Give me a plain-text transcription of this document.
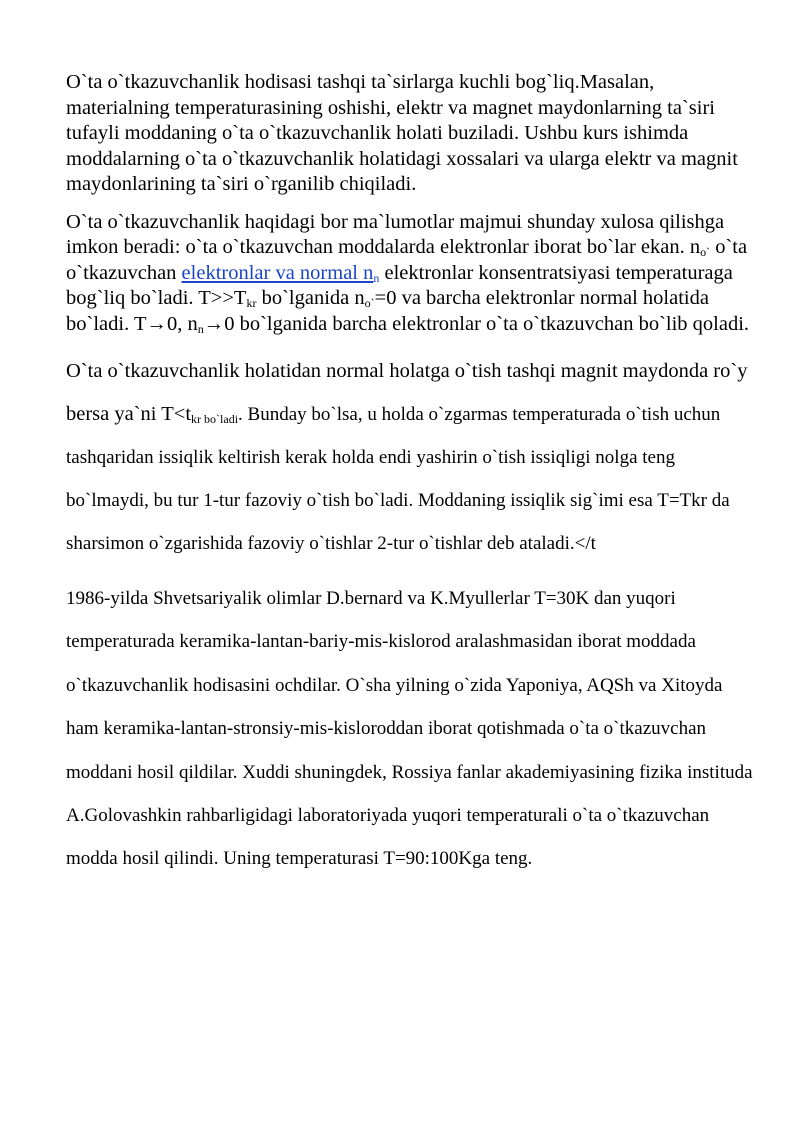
O`ta o`tkazuvchanlik hodisasi tashqi ta`sirlarga kuchli bog`liq.Masalan, materialning temperaturasining oshishi, elektr va magnet maydonlarning ta`siri tufayli moddaning o`ta o`tkazuvchanlik holati buziladi. Ushbu kurs ishimda moddalarning o`ta o`tkazuvchanlik holatidagi xossalari va ularga elektr va magnit maydonlarining ta`siri o`rganilib chiqiladi.

O`ta o`tkazuvchanlik haqidagi bor ma`lumotlar majmui shunday xulosa qilishga imkon beradi: o`ta o`tkazuvchan moddalarda elektronlar iborat bo`lar ekan. $n_{o`}$ o`ta o`tkazuvchan elektronlar va normal $n_n$ elektronlar konsentratsiyasi temperaturaga bog`liq bo`ladi. $T>>T_{kr}$ bo`lganida $n_{o`}=0$ va barcha elektronlar normal holatida bo`ladi. T→0, $n_n\to 0$ bo`lganida barcha elektronlar o`ta o`tkazuvchan bo`lib qoladi.

O`ta o`tkazuvchanlik holatidan normal holatga o`tish tashqi magnit maydonda ro`y bersa ya`ni $T<t_{kr bo`ladi}$. Bunday bo`lsa, u holda o`zgarmas temperaturada o`tish uchun tashqaridan issiqlik keltirish kerak holda endi yashirin o`tish issiqligi nolga teng bo`lmaydi, bu tur 1-tur fazoviy o`tish bo`ladi. Moddaning issiqlik sig`imi esa T=Tkr da sharsimon o`zgarishida fazoviy o`tishlar 2-tur o`tishlar deb ataladi.</t

1986-yilda Shvetsariyalik olimlar D.bernard va K.Myullerlar T=30K dan yuqori temperaturada keramika-lantan-bariy-mis-kislorod aralashmasidan iborat moddada o`tkazuvchanlik hodisasini ochdilar. O`sha yilning o`zida Yaponiya, AQSh va Xitoyda ham keramika-lantan-stronsiy-mis-kisloroddan iborat qotishmada o`ta o`tkazuvchan moddani hosil qildilar. Xuddi shuningdek, Rossiya fanlar akademiyasining fizika instituda A.Golovashkin rahbarligidagi laboratoriyada yuqori temperaturali o`ta o`tkazuvchan modda hosil qilindi. Uning temperaturasi T=90:100Kga teng.
